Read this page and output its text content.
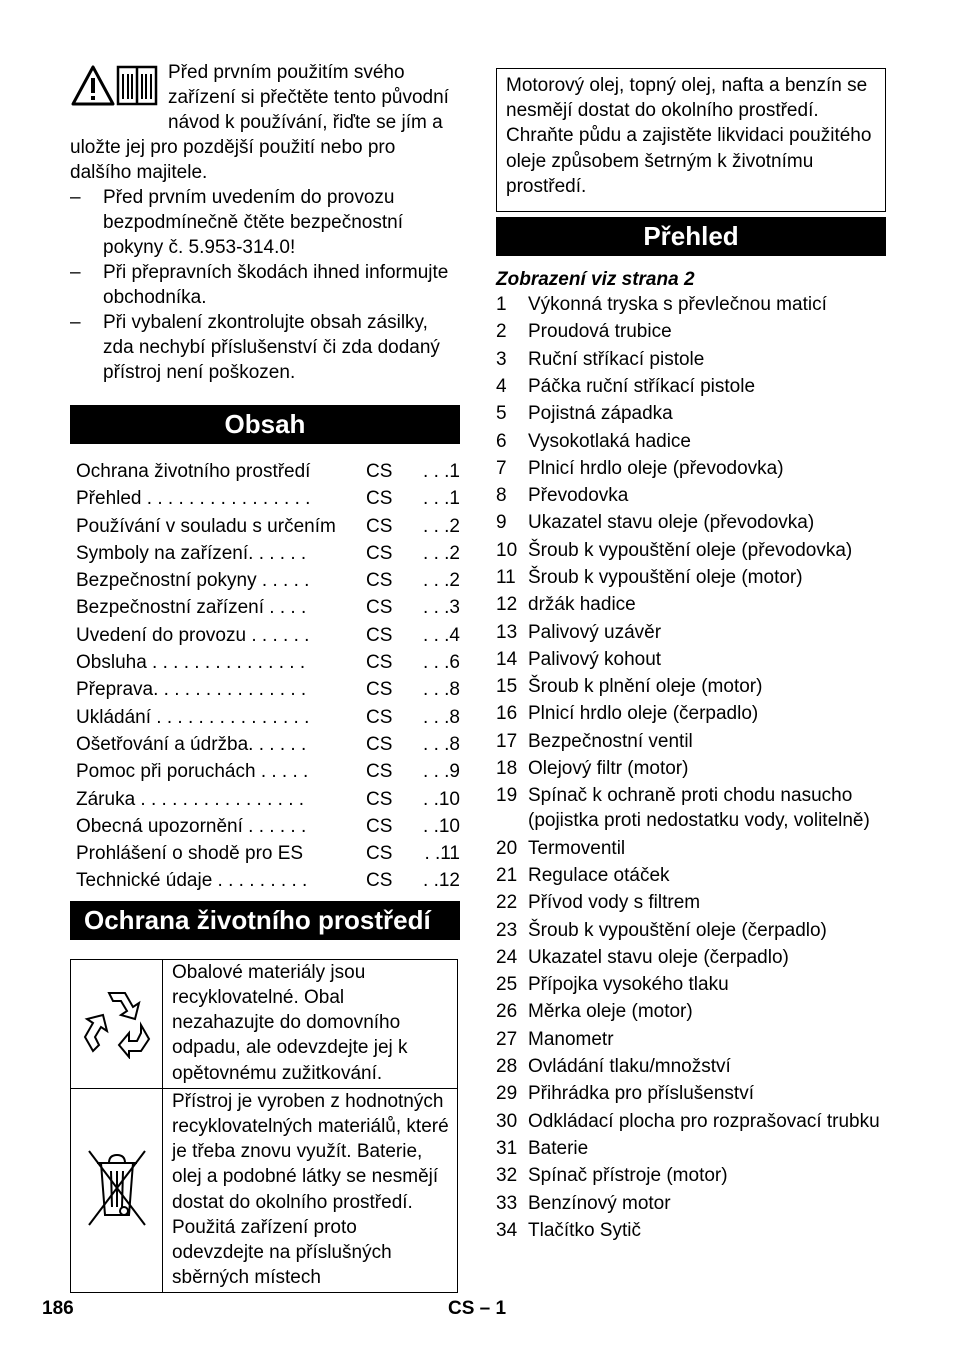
Před prvním použitím svého zařízení si přečtěte tento původní návod k používání, řiďte se jím a uložte jej pro pozdější použití nebo pro dalšího majitele.

– Před prvním uvedením do provozu bezpodmínečně čtěte bezpečnostní pokyny č. 5.953-314.0!
– Při přepravních škodách ihned informujte obchodníka.
– Při vybalení zkontrolujte obsah zásilky, zda nechybí příslušenství či zda dodaný přístroj není poškozen.
Obsah
Ochrana životního prostředí	CS	. . .1
Přehled . . . . . . . . . . . . . . . .	CS	. . .1
Používání v souladu s určením	CS	. . .2
Symboly na zařízení. . . . . .	CS	. . .2
Bezpečnostní pokyny . . . . .	CS	. . .2
Bezpečnostní zařízení . . . .	CS	. . .3
Uvedení do provozu . . . . . .	CS	. . .4
Obsluha . . . . . . . . . . . . . . .	CS	. . .6
Přeprava. . . . . . . . . . . . . . .	CS	. . .8
Ukládání . . . . . . . . . . . . . . .	CS	. . .8
Ošetřování a údržba. . . . . .	CS	. . .8
Pomoc při poruchách . . . . .	CS	. . .9
Záruka . . . . . . . . . . . . . . . .	CS	. .10
Obecná upozornění . . . . . .	CS	. .10
Prohlášení o shodě pro ES	CS	. .11
Technické údaje . . . . . . . . .	CS	. .12
Ochrana životního prostředí
	Obalové materiály jsou recyklovatelné. Obal nezahazujte do domovního odpadu, ale odevzdejte jej k opětovnému zužitkování.
	Přístroj je vyroben z hodnotných recyklovatelných materiálů, které je třeba znovu využít. Baterie, olej a podobné látky se nesmějí dostat do okolního prostředí. Použitá zařízení proto odevzdejte na příslušných sběrných místech
Motorový olej, topný olej, nafta a benzín se nesmějí dostat do okolního prostředí. Chraňte půdu a zajistěte likvidaci použitého oleje způsobem šetrným k životnímu prostředí.
Přehled
Zobrazení viz strana 2
1	Výkonná tryska s převlečnou maticí
2	Proudová trubice
3	Ruční stříkací pistole
4	Páčka ruční stříkací pistole
5	Pojistná západka
6	Vysokotlaká hadice
7	Plnicí hrdlo oleje (převodovka)
8	Převodovka
9	Ukazatel stavu oleje (převodovka)
10 Šroub k vypouštění oleje (převodovka)
11 Šroub k vypouštění oleje (motor)
12 držák hadice
13 Palivový uzávěr
14 Palivový kohout
15 Šroub k plnění oleje (motor)
16 Plnicí hrdlo oleje (čerpadlo)
17 Bezpečnostní ventil
18 Olejový filtr (motor)
19 Spínač k ochraně proti chodu nasucho (pojistka proti nedostatku vody, volitelně)
20 Termoventil
21 Regulace otáček
22 Přívod vody s filtrem
23 Šroub k vypouštění oleje (čerpadlo)
24 Ukazatel stavu oleje (čerpadlo)
25 Přípojka vysokého tlaku
26 Měrka oleje (motor)
27 Manometr
28 Ovládání tlaku/množství
29 Přihrádka pro příslušenství
30 Odkládací plocha pro rozprašovací trubku
31 Baterie
32 Spínač přístroje (motor)
33 Benzínový motor
34 Tlačítko Sytič
186	CS – 1
